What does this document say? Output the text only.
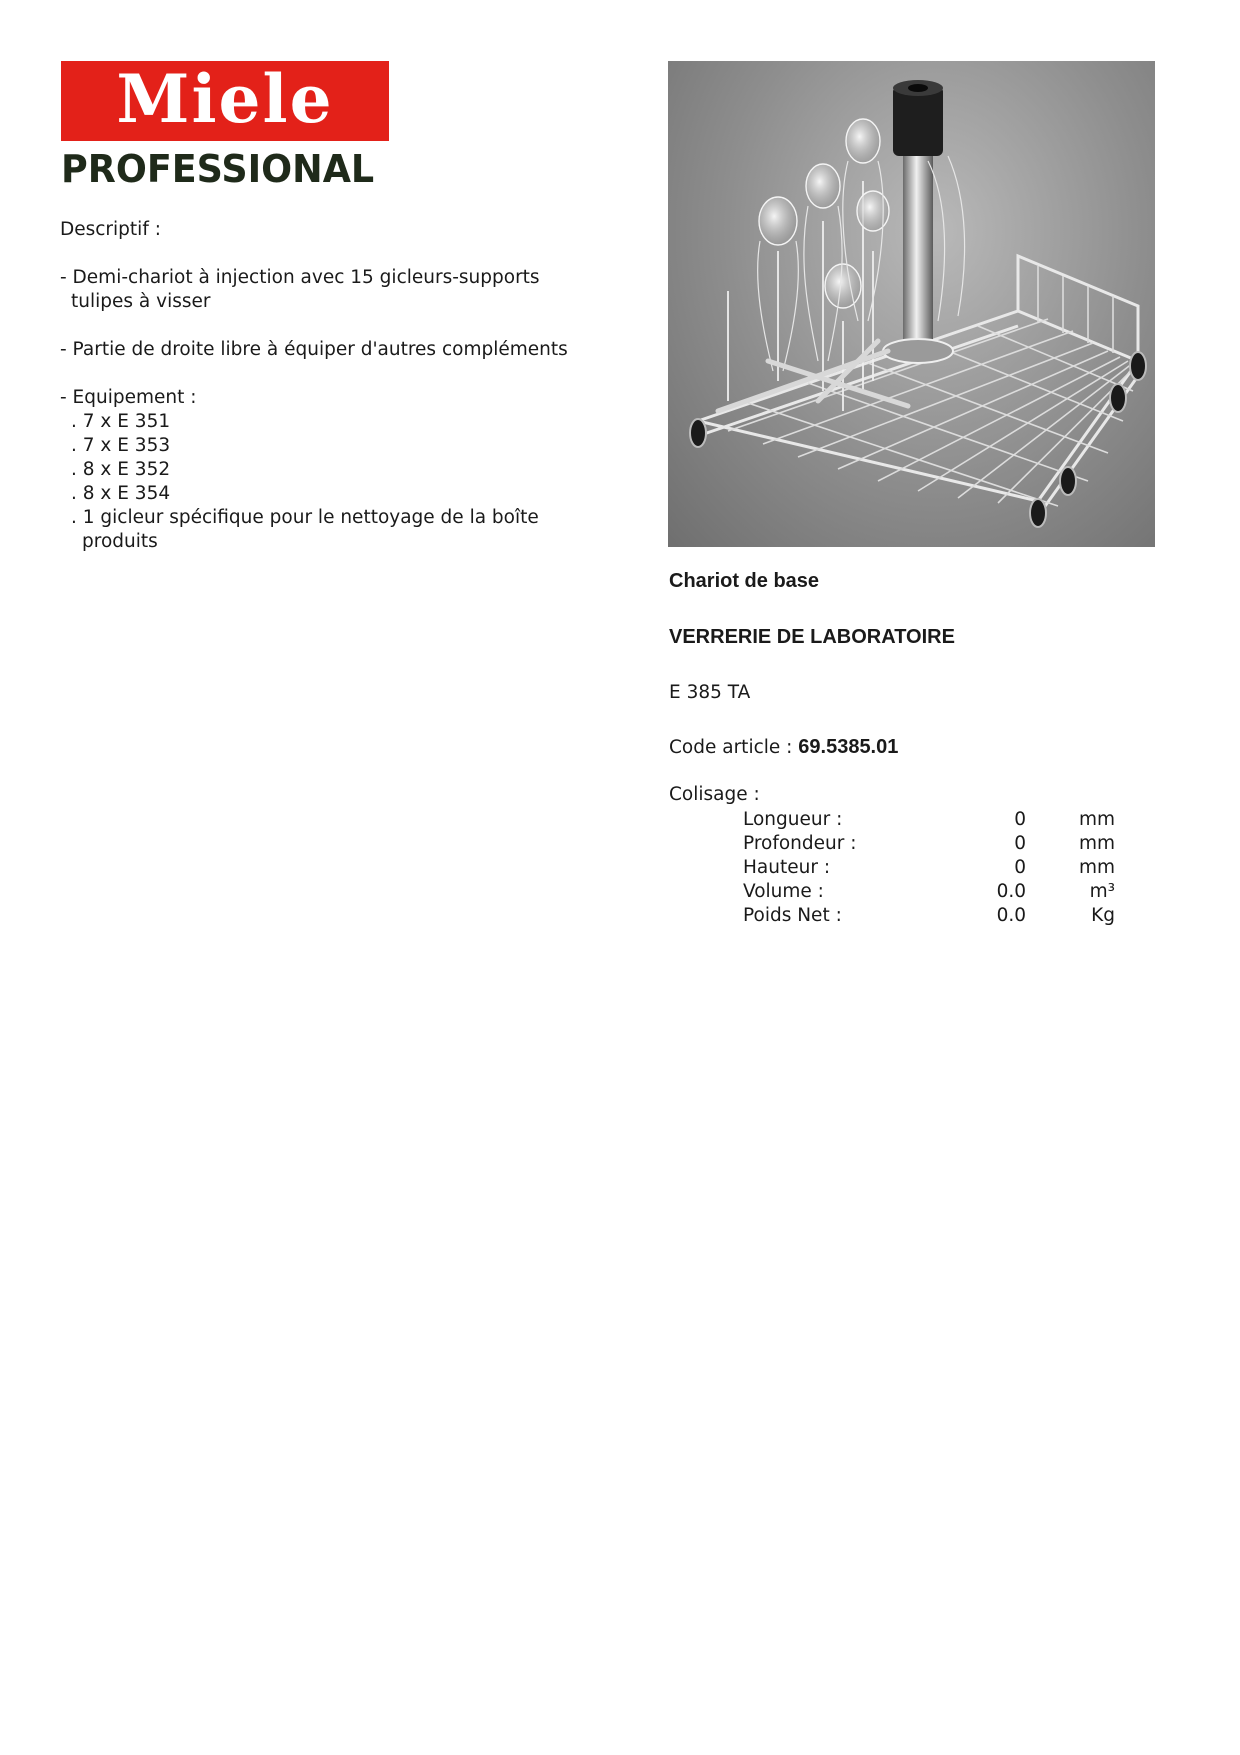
Miele
PROFESSIONAL
Descriptif :
- Demi-chariot à injection avec 15 gicleurs-supports
tulipes à visser
- Partie de droite libre à équiper d'autres compléments
- Equipement :
. 7 x E 351
. 7 x E 353
. 8 x E 352
. 8 x E 354
. 1 gicleur spécifique pour le nettoyage de la boîte
produits
Chariot de base
VERRERIE DE LABORATOIRE
E 385 TA
Code article : 69.5385.01
Colisage :
Longueur :	0	mm
Profondeur :	0	mm
Hauteur :	0	mm
Volume :	0.0	m³
Poids Net :	0.0	Kg
